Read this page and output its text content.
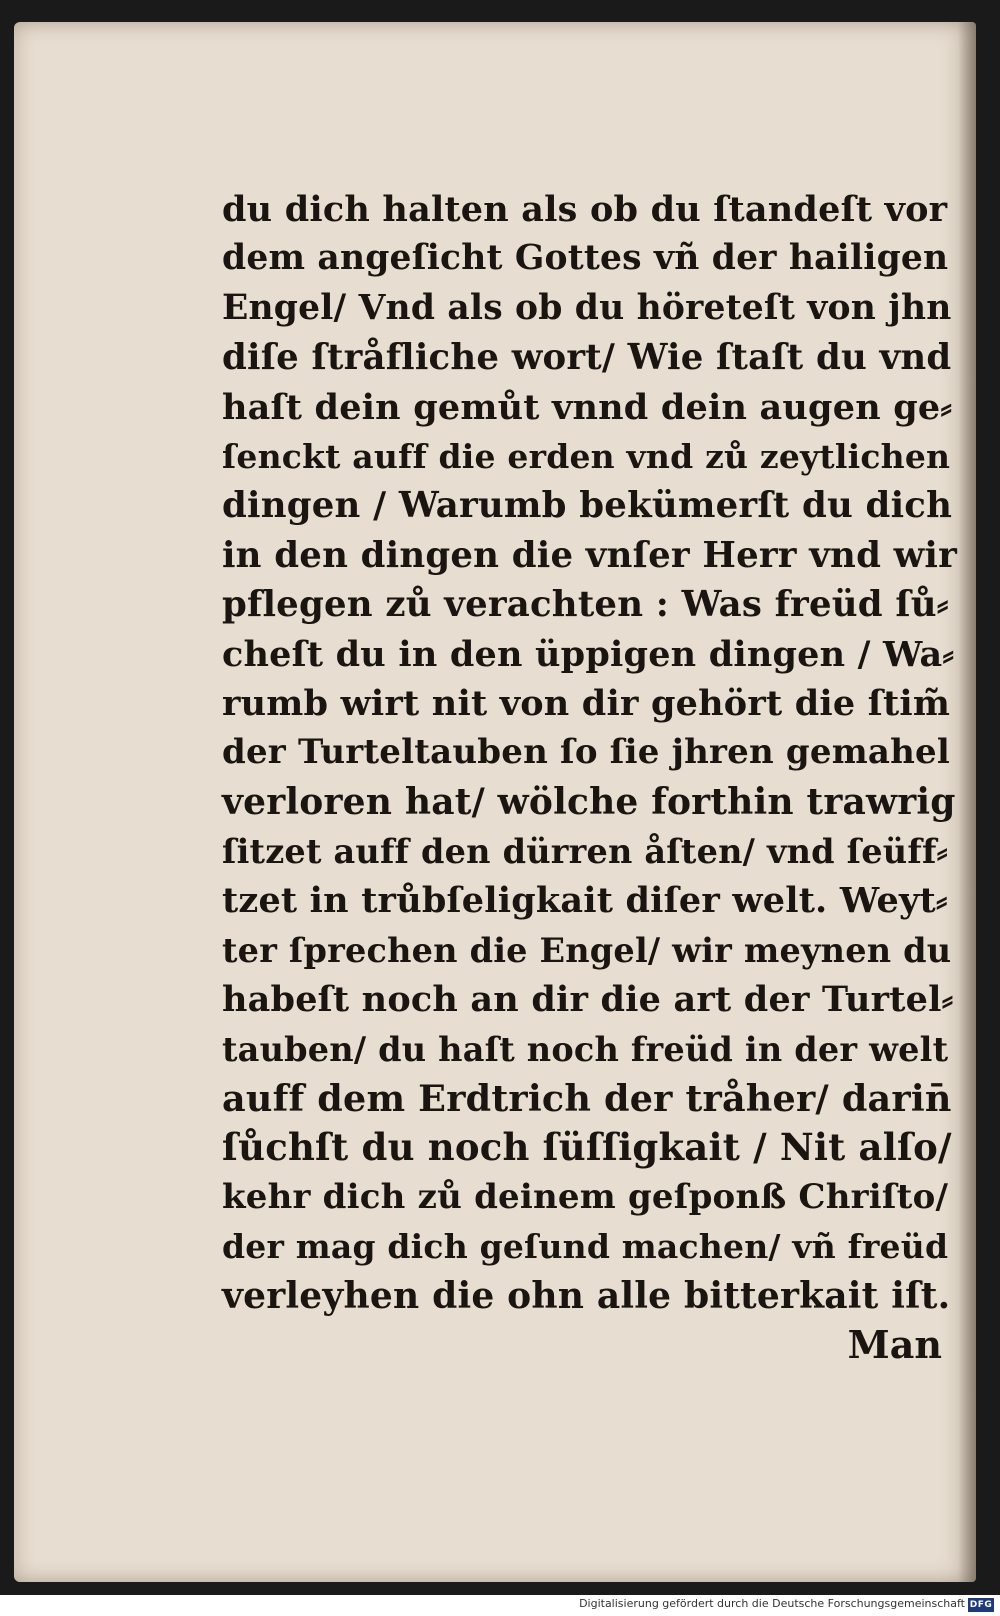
du dich halten als ob du ſtandeſt vor
dem angeſicht Gottes vñ der hailigen
Engel/ Vnd als ob du höreteſt von jhn
diſe ſtråfliche wort/ Wie ſtaſt du vnd
haſt dein gemůt vnnd dein augen ge⸗
ſenckt auff die erden vnd zů zeytlichen
dingen / Warumb bekümerſt du dich
in den dingen die vnſer Herr vnd wir
pflegen zů verachten : Was freüd ſů⸗
cheſt du in den üppigen dingen / Wa⸗
rumb wirt nit von dir gehört die ſtim̃
der Turteltauben ſo ſie jhren gemahel
verloren hat/ wölche forthin trawrig
ſitzet auff den dürren åſten/ vnd ſeüff⸗
tzet in trůbſeligkait diſer welt. Weyt⸗
ter ſprechen die Engel/ wir meynen du
habeſt noch an dir die art der Turtel⸗
tauben/ du haſt noch freüd in der welt
auff dem Erdtrich der tråher/ darin̄
ſůchſt du noch ſüſſigkait / Nit alſo/
kehr dich zů deinem geſponß Chriſto/
der mag dich geſund machen/ vñ freüd
verleyhen die ohn alle bitterkait iſt.
Man
Digitalisierung gefördert durch die Deutsche Forschungsgemeinschaft DFG
